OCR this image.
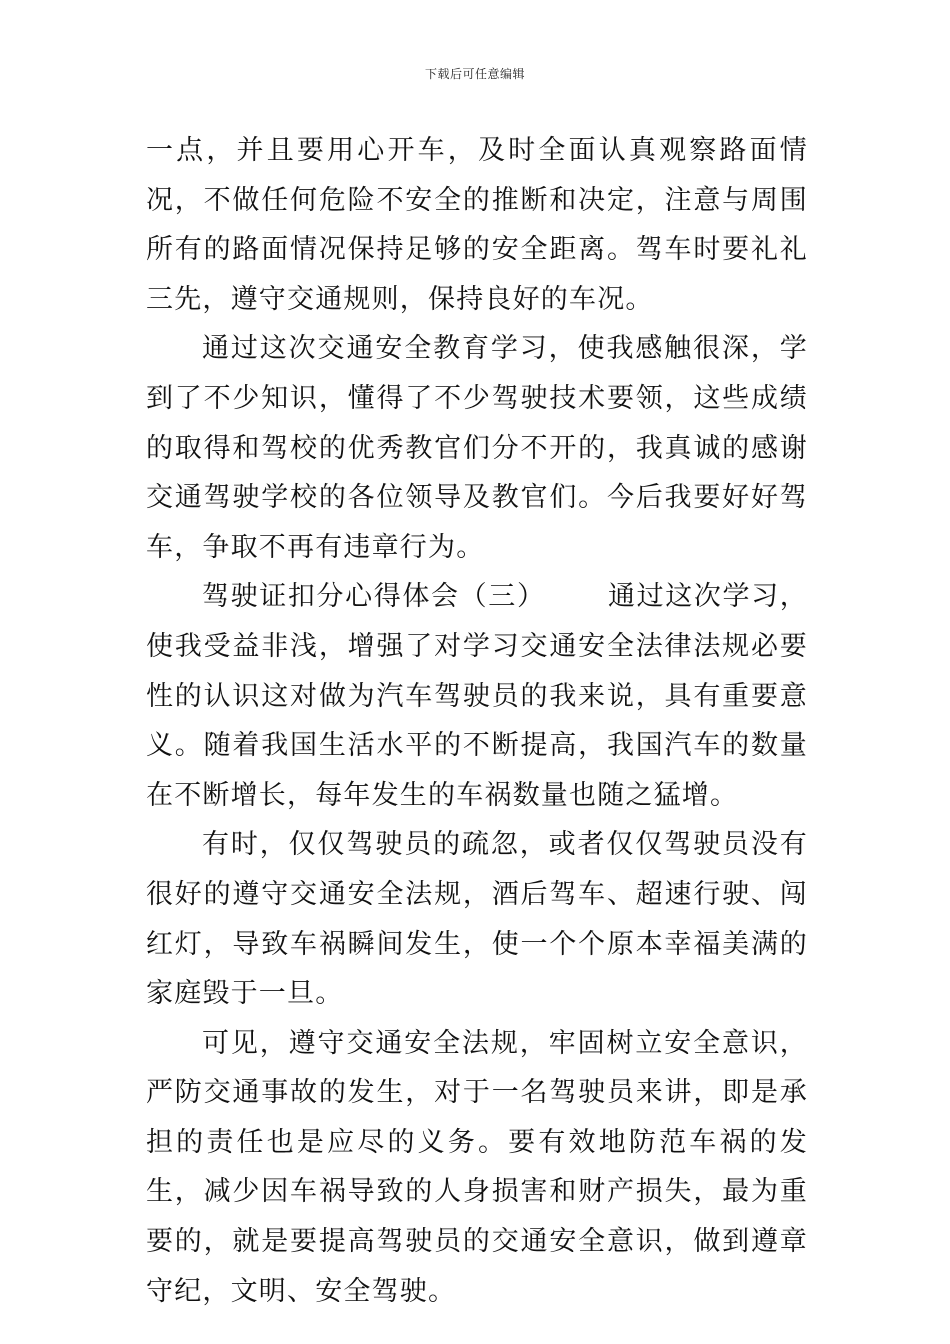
下载后可任意编辑

一点，并且要用心开车，及时全面认真观察路面情况，不做任何危险不安全的推断和决定，注意与周围所有的路面情况保持足够的安全距离。驾车时要礼礼三先，遵守交通规则，保持良好的车况。

通过这次交通安全教育学习，使我感触很深，学到了不少知识，懂得了不少驾驶技术要领，这些成绩的取得和驾校的优秀教官们分不开的，我真诚的感谢交通驾驶学校的各位领导及教官们。今后我要好好驾车，争取不再有违章行为。

驾驶证扣分心得体会（三） 通过这次学习，使我受益非浅，增强了对学习交通安全法律法规必要性的认识这对做为汽车驾驶员的我来说，具有重要意义。随着我国生活水平的不断提高，我国汽车的数量在不断增长，每年发生的车祸数量也随之猛增。

有时，仅仅驾驶员的疏忽，或者仅仅驾驶员没有很好的遵守交通安全法规，酒后驾车、超速行驶、闯红灯，导致车祸瞬间发生，使一个个原本幸福美满的家庭毁于一旦。

可见，遵守交通安全法规，牢固树立安全意识，严防交通事故的发生，对于一名驾驶员来讲，即是承担的责任也是应尽的义务。要有效地防范车祸的发生，减少因车祸导致的人身损害和财产损失，最为重要的，就是要提高驾驶员的交通安全意识，做到遵章守纪，文明、安全驾驶。
